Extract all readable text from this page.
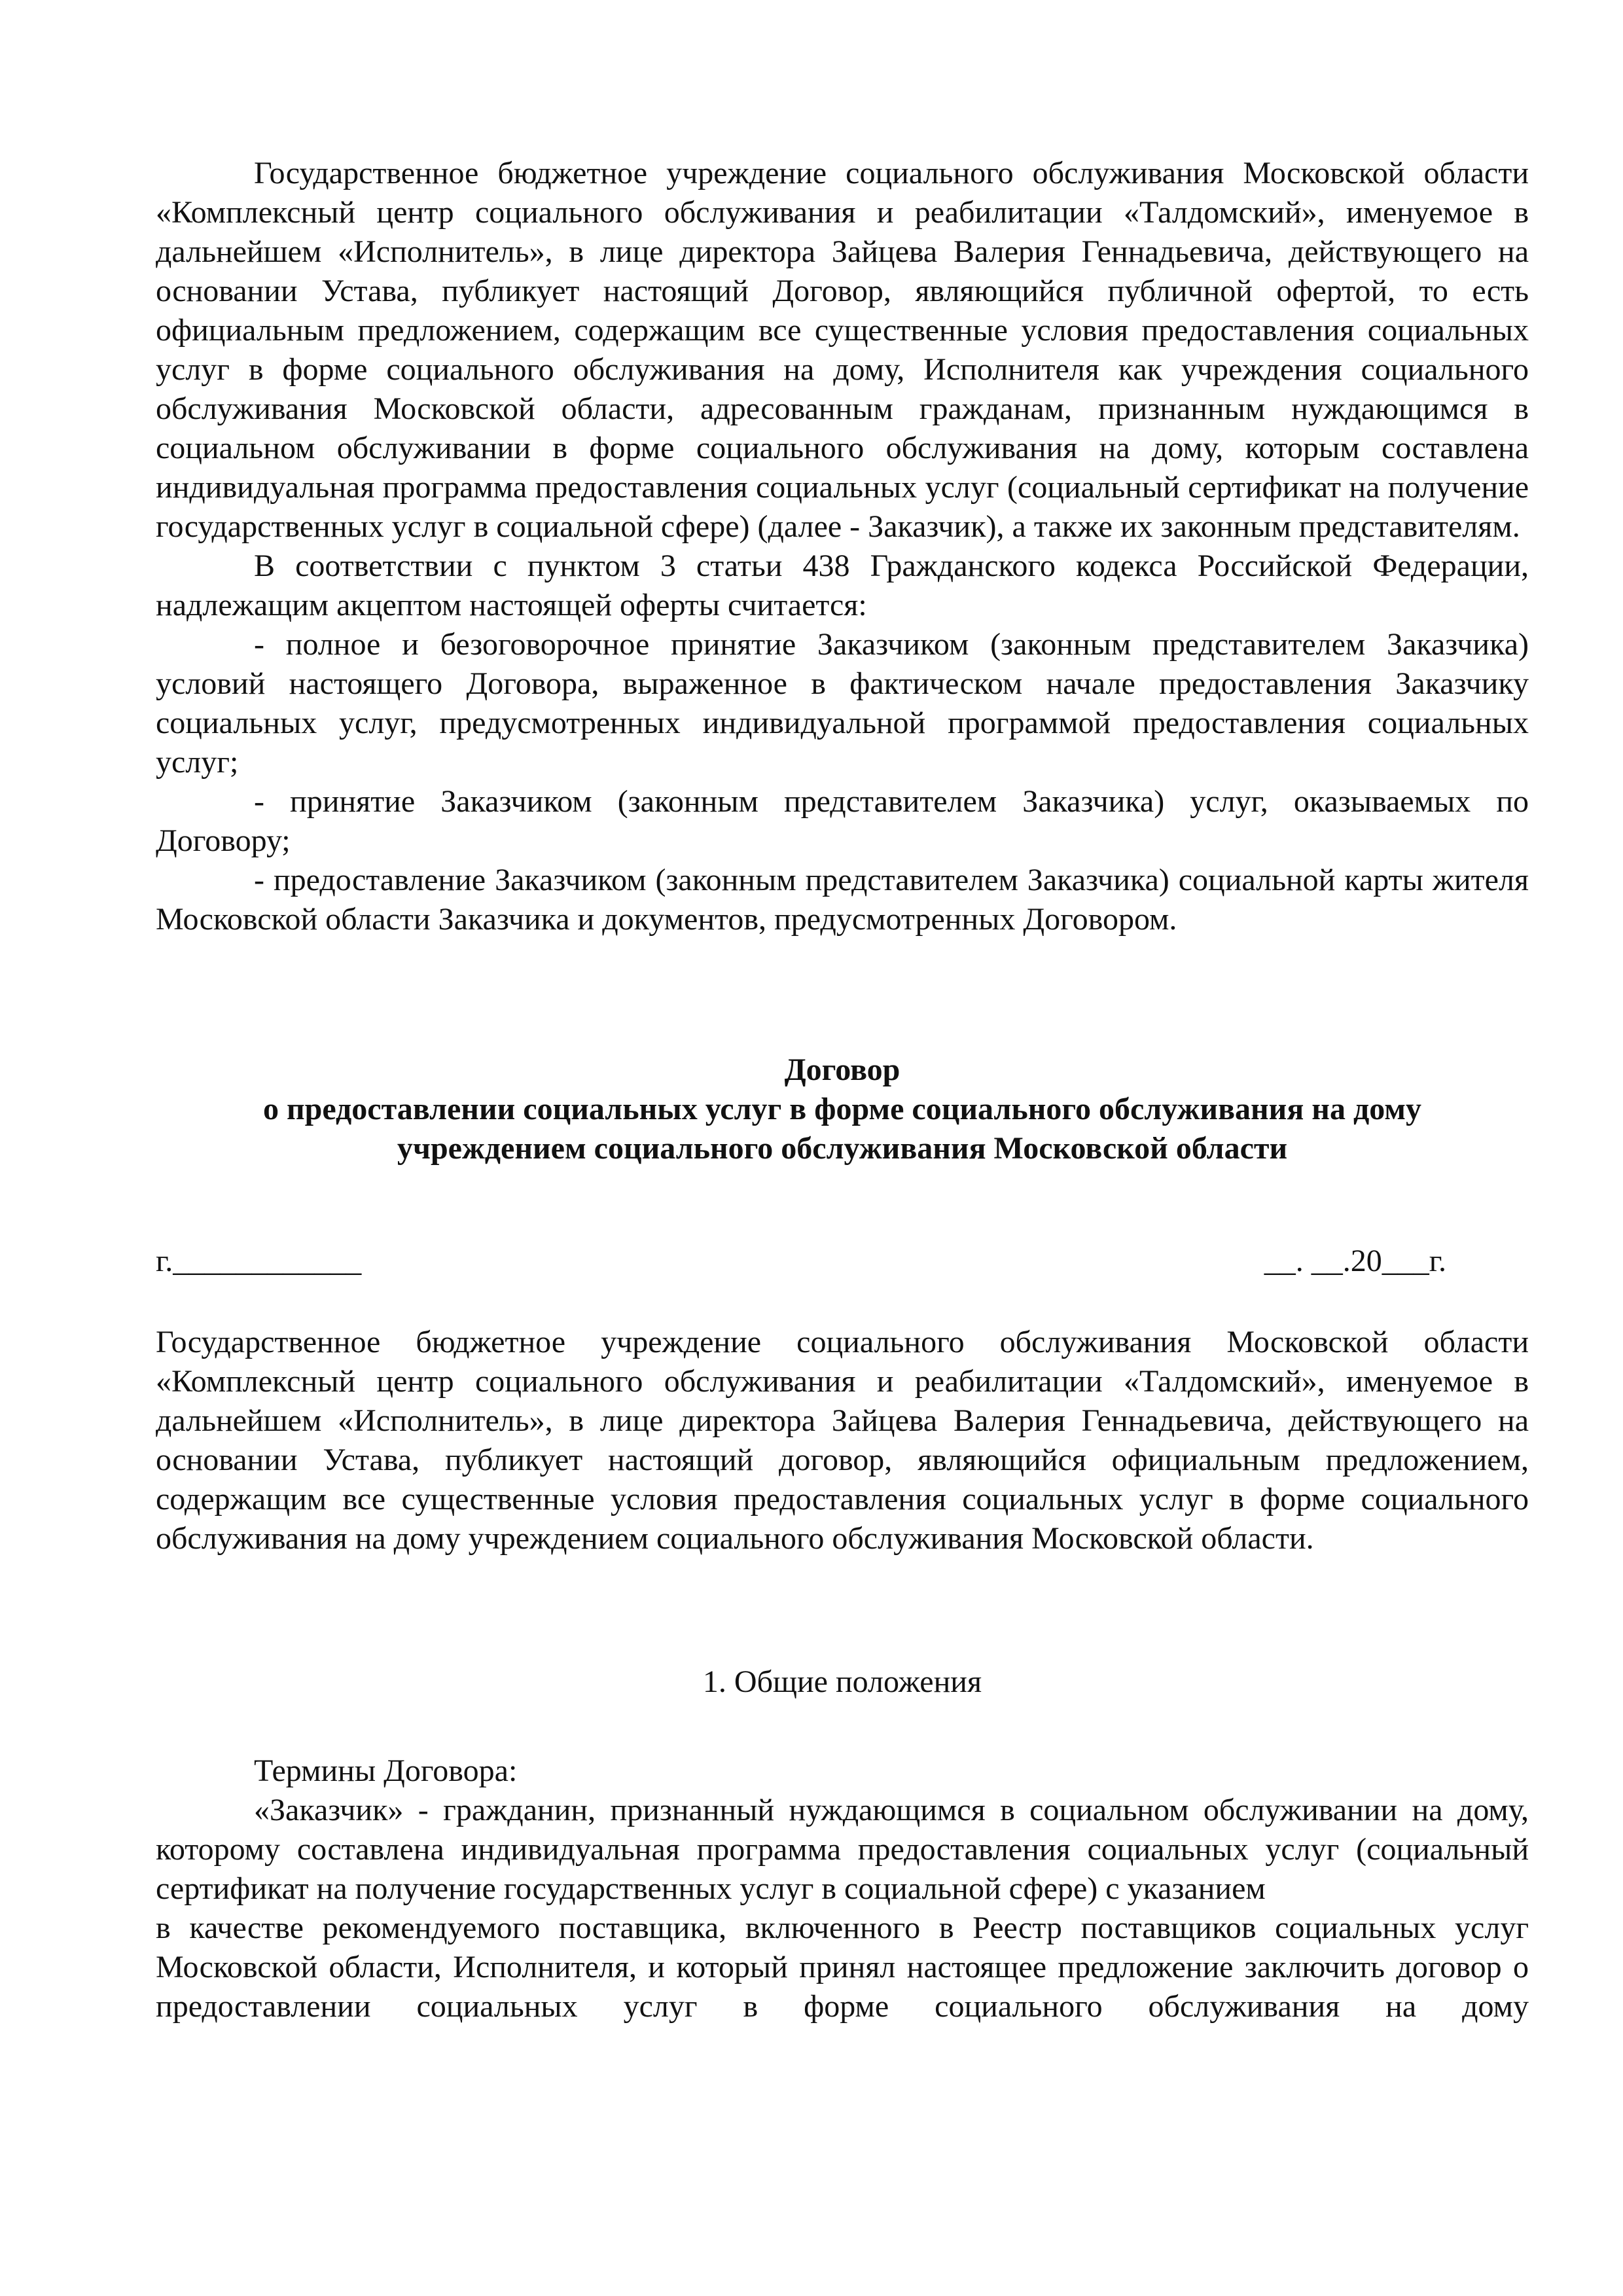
Государственное бюджетное учреждение социального обслуживания Московской области «Комплексный центр социального обслуживания и реабилитации «Талдомский», именуемое в дальнейшем «Исполнитель», в лице директора Зайцева Валерия Геннадьевича, действующего на основании Устава, публикует настоящий Договор, являющийся публичной офертой, то есть официальным предложением, содержащим все существенные условия предоставления социальных услуг в форме социального обслуживания на дому, Исполнителя как учреждения социального обслуживания Московской области, адресованным гражданам, признанным нуждающимся в социальном обслуживании в форме социального обслуживания на дому, которым составлена индивидуальная программа предоставления социальных услуг (социальный сертификат на получение государственных услуг в социальной сфере) (далее - Заказчик), а также их законным представителям.

В соответствии с пунктом 3 статьи 438 Гражданского кодекса Российской Федерации, надлежащим акцептом настоящей оферты считается:

- полное и безоговорочное принятие Заказчиком (законным представителем Заказчика) условий настоящего Договора, выраженное в фактическом начале предоставления Заказчику социальных услуг, предусмотренных индивидуальной программой предоставления социальных услуг;

- принятие Заказчиком (законным представителем Заказчика) услуг, оказываемых по Договору;

- предоставление Заказчиком (законным представителем Заказчика) социальной карты жителя Московской области Заказчика и документов, предусмотренных Договором.

Договор
о предоставлении социальных услуг в форме социального обслуживания на дому
учреждением социального обслуживания Московской области
г.____________	__. __.20___г.

Государственное бюджетное учреждение социального обслуживания Московской области «Комплексный центр социального обслуживания и реабилитации «Талдомский», именуемое в дальнейшем «Исполнитель», в лице директора Зайцева Валерия Геннадьевича, действующего на основании Устава, публикует настоящий договор, являющийся официальным предложением, содержащим все существенные условия предоставления социальных услуг в форме социального обслуживания на дому учреждением социального обслуживания Московской области.

1. Общие положения

Термины Договора:

«Заказчик» - гражданин, признанный нуждающимся в социальном обслуживании на дому, которому составлена индивидуальная программа предоставления социальных услуг (социальный сертификат на получение государственных услуг в социальной сфере) с указанием

в качестве рекомендуемого поставщика, включенного в Реестр поставщиков социальных услуг Московской области, Исполнителя, и который принял настоящее предложение заключить договор о предоставлении социальных услуг в форме социального обслуживания на дому
